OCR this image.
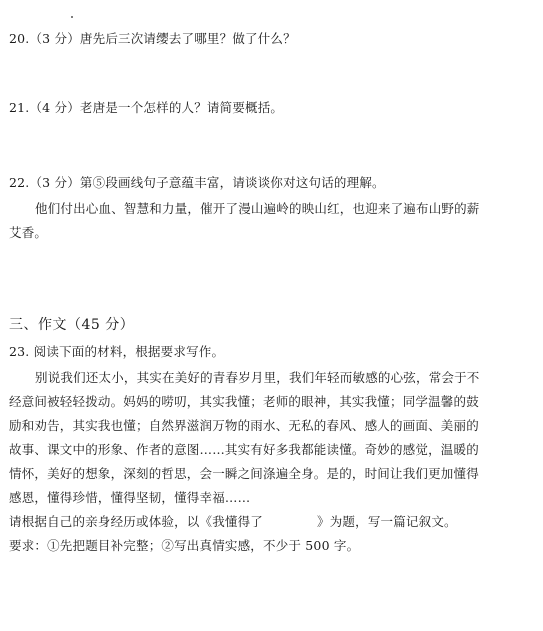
20.（3 分）唐先后三次请缨去了哪里？做了什么？
21.（4 分）老唐是一个怎样的人？请简要概括。
22.（3 分）第⑤段画线句子意蕴丰富，请谈谈你对这句话的理解。
他们付出心血、智慧和力量，催开了漫山遍岭的映山红，也迎来了遍布山野的薪
艾香。
三、作文（45 分）
23. 阅读下面的材料，根据要求写作。
别说我们还太小，其实在美好的青春岁月里，我们年轻而敏感的心弦，常会于不
经意间被轻轻拨动。妈妈的唠叨，其实我懂；老师的眼神，其实我懂；同学温馨的鼓
励和劝告，其实我也懂；自然界滋润万物的雨水、无私的春风、感人的画面、美丽的
故事、课文中的形象、作者的意图……其实有好多我都能读懂。奇妙的感觉，温暖的
情怀，美好的想象，深刻的哲思，会一瞬之间涤遍全身。是的，时间让我们更加懂得
感恩，懂得珍惜，懂得坚韧，懂得幸福……
请根据自己的亲身经历或体验，以《我懂得了	》为题，写一篇记叙文。
要求：①先把题目补完整；②写出真情实感，不少于 500 字。
